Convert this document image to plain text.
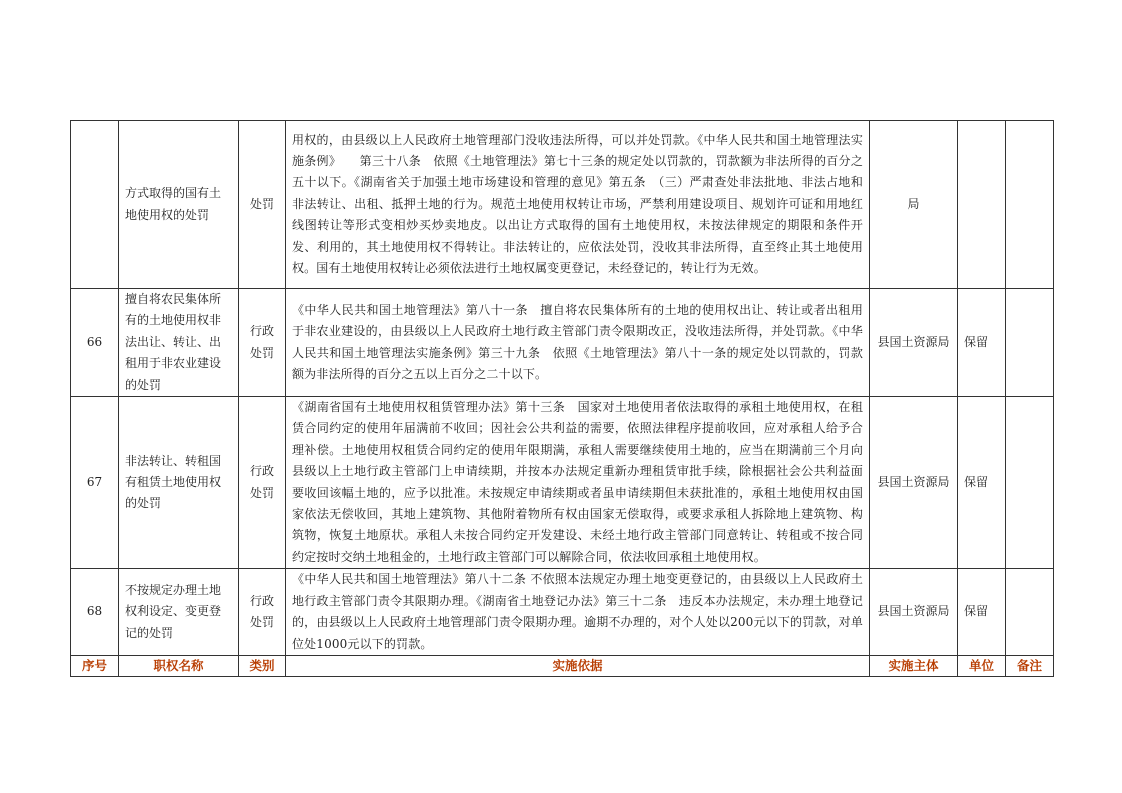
	方式取得的国有土地使用权的处罚	处罚	用权的，由县级以上人民政府土地管理部门没收违法所得，可以并处罚款。《中华人民共和国土地管理法实施条例》　　第三十八条　依照《土地管理法》第七十三条的规定处以罚款的，罚款额为非法所得的百分之五十以下。《湖南省关于加强土地市场建设和管理的意见》第五条　（三）严肃查处非法批地、非法占地和非法转让、出租、抵押土地的行为。规范土地使用权转让市场，严禁利用建设项目、规划许可证和用地红线图转让等形式变相炒买炒卖地皮。以出让方式取得的国有土地使用权，未按法律规定的期限和条件开发、利用的，其土地使用权不得转让。非法转让的，应依法处罚，没收其非法所得，直至终止其土地使用权。国有土地使用权转让必须依法进行土地权属变更登记，未经登记的，转让行为无效。	局		
66	擅自将农民集体所有的土地使用权非法出让、转让、出租用于非农业建设的处罚	行政处罚	《中华人民共和国土地管理法》第八十一条　擅自将农民集体所有的土地的使用权出让、转让或者出租用于非农业建设的，由县级以上人民政府土地行政主管部门责令限期改正，没收违法所得，并处罚款。《中华人民共和国土地管理法实施条例》第三十九条　依照《土地管理法》第八十一条的规定处以罚款的，罚款额为非法所得的百分之五以上百分之二十以下。	县国土资源局	保留	
67	非法转让、转租国有租赁土地使用权的处罚	行政处罚	《湖南省国有土地使用权租赁管理办法》第十三条　国家对土地使用者依法取得的承租土地使用权，在租赁合同约定的使用年届满前不收回；因社会公共利益的需要，依照法律程序提前收回，应对承租人给予合理补偿。土地使用权租赁合同约定的使用年限期满，承租人需要继续使用土地的，应当在期满前三个月向县级以上土地行政主管部门上申请续期，并按本办法规定重新办理租赁审批手续，除根据社会公共利益面要收回该幅土地的，应予以批准。未按规定申请续期或者虽申请续期但未获批准的，承租土地使用权由国家依法无偿收回，其地上建筑物、其他附着物所有权由国家无偿取得，或要求承租人拆除地上建筑物、构筑物，恢复土地原状。承租人未按合同约定开发建设、未经土地行政主管部门同意转让、转租或不按合同约定按时交纳土地租金的，土地行政主管部门可以解除合同，依法收回承租土地使用权。	县国土资源局	保留	
68	不按规定办理土地权利设定、变更登记的处罚	行政处罚	《中华人民共和国土地管理法》第八十二条 不依照本法规定办理土地变更登记的，由县级以上人民政府土地行政主管部门责令其限期办理。《湖南省土地登记办法》第三十二条　违反本办法规定，未办理土地登记的，由县级以上人民政府土地管理部门责令限期办理。逾期不办理的，对个人处以200元以下的罚款，对单位处1000元以下的罚款。	县国土资源局	保留	
序号	职权名称	类别	实施依据	实施主体	单位	备注
